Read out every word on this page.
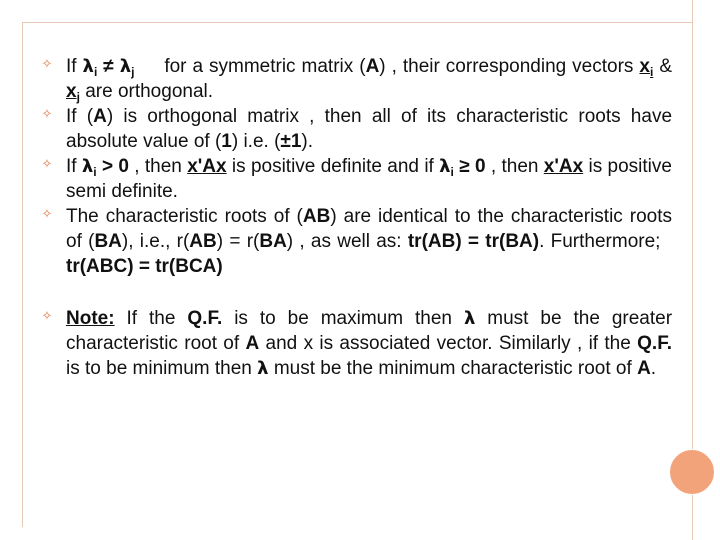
✧
If $\lambda_i \ne \lambda_j$ for a symmetric matrix (A) , their corresponding vectors $x_i$ & $x_j$ are orthogonal.
✧
If (A) is orthogonal matrix , then all of its characteristic roots have absolute value of (1) i.e. (±1).
✧
If $\lambda_i > 0$ , then x'Ax is positive definite and if $\lambda_i \ge 0$ , then x'Ax is positive semi definite.
✧
The characteristic roots of (AB) are identical to the characteristic roots of (BA), i.e., r(AB) = r(BA) , as well as: tr(AB) = tr(BA). Furthermore;   tr(ABC) = tr(BCA)
✧
Note: If the Q.F. is to be maximum then λ must be the greater characteristic root of A and x is associated vector. Similarly , if the Q.F. is to be minimum then λ must be the minimum characteristic root of A.
